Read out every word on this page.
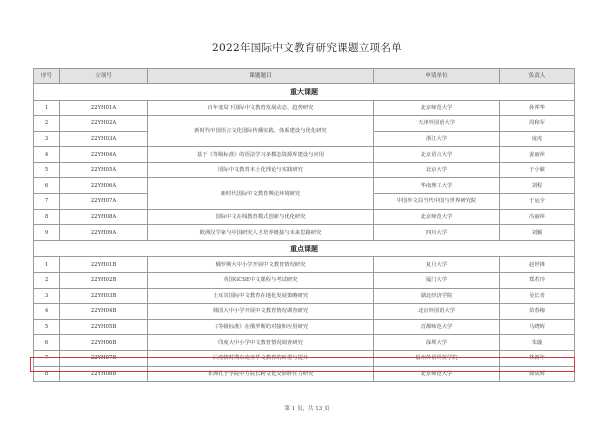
2022年国际中文教育研究课题立项名单
序号	立项号	课题题目	申请单位	负责人
重大课题				
1	22YH01A	百年变局下国际中文教育发展动态、趋势研究	北京师范大学	孙邦华
2	22YH02A	新时代中国语言文化国际传播实践、体系建设与优化研究	天津外国语大学	周和军
3	22YH03A		浙江大学	庞虎
4	22YH04A	基于《等级标准》的语法学习多模态资源库建设与应用	北京语言大学	姜丽萍
5	22YH05A	国际中文教育本土化理论与实践研究	北京大学	于小敏
6	22YH06A	新时代国际中文教育舆论环境研究	华南理工大学	刘程
7	22YH07A		中国外文局当代中国与世界研究院	于运全
8	22YH08A	国际中文在线教育模式创新与优化研究	北京师范大学	冯丽萍
9	22YH09A	欧洲汉学家与中国研究人才培养链接与未来思路研究	四川大学	刘颖
重点课题				
1	22YH01B	俄罗斯大中小学开展中文教育情况研究	复旦大学	赵世锋
2	22YH02B	英国GCSE中文课程与考试研究	厦门大学	郑若玲
3	22YH03B	土耳其国际中文教育在地化发展策略研究	湖北经济学院	吴长青
4	22YH04B	韩国大中小学开展中文教育情况调查研究	北京外国语大学	苗春梅
5	22YH05B	《等级标准》在俄罗斯的对接和应用研究	首都师范大学	马晓辉
6	22YH06B	印度大中小学中文教育情况调查研究	深圳大学	朱璇
7	22YH07B	后疫情时期东南亚华文教育的转型与提升	福州外语外贸学院	林新年
8	22YH08B	非洲孔子学院中方院长跨文化交际胜任力研究	北京师范大学	徐从辉
第 1 页，共 13 页
